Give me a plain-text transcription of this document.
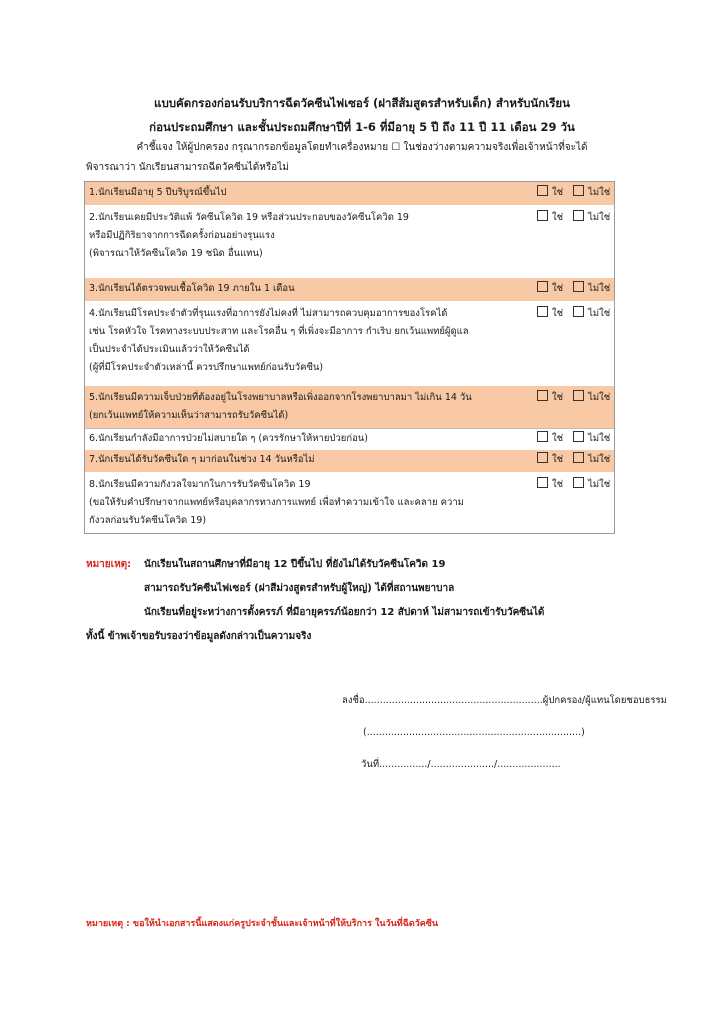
แบบคัดกรองก่อนรับบริการฉีดวัคซีนไฟเซอร์ (ฝาสีส้มสูตรสำหรับเด็ก) สำหรับนักเรียน
ก่อนประถมศึกษา และชั้นประถมศึกษาปีที่ 1-6 ที่มีอายุ 5 ปี ถึง 11 ปี 11 เดือน 29 วัน
คำชี้แจง ให้ผู้ปกครอง กรุณากรอกข้อมูลโดยทำเครื่องหมาย ☐ ในช่องว่างตามความจริงเพื่อเจ้าหน้าที่จะได้
พิจารณาว่า นักเรียนสามารถฉีดวัคซีนได้หรือไม่
1.นักเรียนมีอายุ 5 ปีบริบูรณ์ขึ้นไป	ใช่	ไม่ใช่
2.นักเรียนเคยมีประวัติแพ้ วัคซีนโควิด 19 หรือส่วนประกอบของวัคซีนโควิด 19
หรือมีปฏิกิริยาจากการฉีดครั้งก่อนอย่างรุนแรง
(พิจารณาให้วัคซีนโควิด 19 ชนิด อื่นแทน)
ใช่	ไม่ใช่
3.นักเรียนได้ตรวจพบเชื้อโควิด 19 ภายใน 1 เดือน	ใช่	ไม่ใช่
4.นักเรียนมีโรคประจำตัวที่รุนแรงที่อาการยังไม่คงที่ ไม่สามารถควบคุมอาการของโรคได้
เช่น โรคหัวใจ โรคทางระบบประสาท และโรคอื่น ๆ ที่เพิ่งจะมีอาการ กำเริบ ยกเว้นแพทย์ผู้ดูแล
เป็นประจำได้ประเมินแล้วว่าให้วัคซีนได้
(ผู้ที่มีโรคประจำตัวเหล่านี้ ควรปรึกษาแพทย์ก่อนรับวัคซีน)
ใช่	ไม่ใช่
5.นักเรียนมีความเจ็บป่วยที่ต้องอยู่ในโรงพยาบาลหรือเพิ่งออกจากโรงพยาบาลมา ไม่เกิน 14 วัน
(ยกเว้นแพทย์ให้ความเห็นว่าสามารถรับวัคซีนได้)
ใช่	ไม่ใช่
6.นักเรียนกำลังมีอาการป่วยไม่สบายใด ๆ (ควรรักษาให้หายป่วยก่อน)	ใช่	ไม่ใช่
7.นักเรียนได้รับวัคซีนใด ๆ มาก่อนในช่วง 14 วันหรือไม่	ใช่	ไม่ใช่
8.นักเรียนมีความกังวลใจมากในการรับวัคซีนโควิด 19
(ขอให้รับคำปรึกษาจากแพทย์หรือบุคลากรทางการแพทย์ เพื่อทำความเข้าใจ และคลาย ความ
กังวลก่อนรับวัคซีนโควิด 19)
ใช่	ไม่ใช่
หมายเหตุ: นักเรียนในสถานศึกษาที่มีอายุ 12 ปีขึ้นไป ที่ยังไม่ได้รับวัคซีนโควิด 19
สามารถรับวัคซีนไฟเซอร์ (ฝาสีม่วงสูตรสำหรับผู้ใหญ่) ได้ที่สถานพยาบาล
นักเรียนที่อยู่ระหว่างการตั้งครรภ์ ที่มีอายุครรภ์น้อยกว่า 12 สัปดาห์ ไม่สามารถเข้ารับวัคซีนได้
ทั้งนี้ ข้าพเจ้าขอรับรองว่าข้อมูลดังกล่าวเป็นความจริง
ลงชื่อ...........................................................ผู้ปกครอง/ผู้แทนโดยชอบธรรม
(.......................................................................)
วันที่................/...................../.....................
หมายเหตุ : ขอให้นำเอกสารนี้แสดงแก่ครูประจำชั้นและเจ้าหน้าที่ให้บริการ ในวันที่ฉีดวัคซีน
